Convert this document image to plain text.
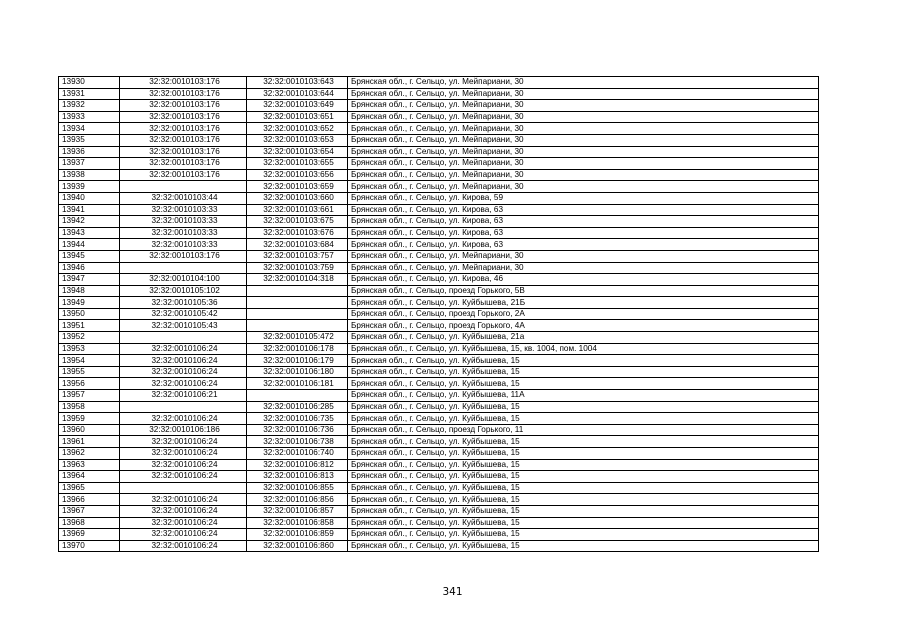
13930	32:32:0010103:176	32:32:0010103:643	Брянская обл., г. Сельцо, ул. Мейпариани, 30
13931	32:32:0010103:176	32:32:0010103:644	Брянская обл., г. Сельцо, ул. Мейпариани, 30
13932	32:32:0010103:176	32:32:0010103:649	Брянская обл., г. Сельцо, ул. Мейпариани, 30
13933	32:32:0010103:176	32:32:0010103:651	Брянская обл., г. Сельцо, ул. Мейпариани, 30
13934	32:32:0010103:176	32:32:0010103:652	Брянская обл., г. Сельцо, ул. Мейпариани, 30
13935	32:32:0010103:176	32:32:0010103:653	Брянская обл., г. Сельцо, ул. Мейпариани, 30
13936	32:32:0010103:176	32:32:0010103:654	Брянская обл., г. Сельцо, ул. Мейпариани, 30
13937	32:32:0010103:176	32:32:0010103:655	Брянская обл., г. Сельцо, ул. Мейпариани, 30
13938	32:32:0010103:176	32:32:0010103:656	Брянская обл., г. Сельцо, ул. Мейпариани, 30
13939		32:32:0010103:659	Брянская обл., г. Сельцо, ул. Мейпариани, 30
13940	32:32:0010103:44	32:32:0010103:660	Брянская обл., г. Сельцо, ул. Кирова, 59
13941	32:32:0010103:33	32:32:0010103:661	Брянская обл., г. Сельцо, ул. Кирова, 63
13942	32:32:0010103:33	32:32:0010103:675	Брянская обл., г. Сельцо, ул. Кирова, 63
13943	32:32:0010103:33	32:32:0010103:676	Брянская обл., г. Сельцо, ул. Кирова, 63
13944	32:32:0010103:33	32:32:0010103:684	Брянская обл., г. Сельцо, ул. Кирова, 63
13945	32:32:0010103:176	32:32:0010103:757	Брянская обл., г. Сельцо, ул. Мейпариани, 30
13946		32:32:0010103:759	Брянская обл., г. Сельцо, ул. Мейпариани, 30
13947	32:32:0010104:100	32:32:0010104:318	Брянская обл., г. Сельцо, ул. Кирова, 46
13948	32:32:0010105:102		Брянская обл., г. Сельцо, проезд Горького, 5В
13949	32:32:0010105:36		Брянская обл., г. Сельцо, ул. Куйбышева, 21Б
13950	32:32:0010105:42		Брянская обл., г. Сельцо, проезд Горького, 2А
13951	32:32:0010105:43		Брянская обл., г. Сельцо, проезд Горького, 4А
13952		32:32:0010105:472	Брянская обл., г. Сельцо, ул. Куйбышева, 21а
13953	32:32:0010106:24	32:32:0010106:178	Брянская обл., г. Сельцо, ул. Куйбышева, 15, кв. 1004, пом. 1004
13954	32:32:0010106:24	32:32:0010106:179	Брянская обл., г. Сельцо, ул. Куйбышева, 15
13955	32:32:0010106:24	32:32:0010106:180	Брянская обл., г. Сельцо, ул. Куйбышева, 15
13956	32:32:0010106:24	32:32:0010106:181	Брянская обл., г. Сельцо, ул. Куйбышева, 15
13957	32:32:0010106:21		Брянская обл., г. Сельцо, ул. Куйбышева, 11А
13958		32:32:0010106:285	Брянская обл., г. Сельцо, ул. Куйбышева, 15
13959	32:32:0010106:24	32:32:0010106:735	Брянская обл., г. Сельцо, ул. Куйбышева, 15
13960	32:32:0010106:186	32:32:0010106:736	Брянская обл., г. Сельцо, проезд Горького, 11
13961	32:32:0010106:24	32:32:0010106:738	Брянская обл., г. Сельцо, ул. Куйбышева, 15
13962	32:32:0010106:24	32:32:0010106:740	Брянская обл., г. Сельцо, ул. Куйбышева, 15
13963	32:32:0010106:24	32:32:0010106:812	Брянская обл., г. Сельцо, ул. Куйбышева, 15
13964	32:32:0010106:24	32:32:0010106:813	Брянская обл., г. Сельцо, ул. Куйбышева, 15
13965		32:32:0010106:855	Брянская обл., г. Сельцо, ул. Куйбышева, 15
13966	32:32:0010106:24	32:32:0010106:856	Брянская обл., г. Сельцо, ул. Куйбышева, 15
13967	32:32:0010106:24	32:32:0010106:857	Брянская обл., г. Сельцо, ул. Куйбышева, 15
13968	32:32:0010106:24	32:32:0010106:858	Брянская обл., г. Сельцо, ул. Куйбышева, 15
13969	32:32:0010106:24	32:32:0010106:859	Брянская обл., г. Сельцо, ул. Куйбышева, 15
13970	32:32:0010106:24	32:32:0010106:860	Брянская обл., г. Сельцо, ул. Куйбышева, 15
341
